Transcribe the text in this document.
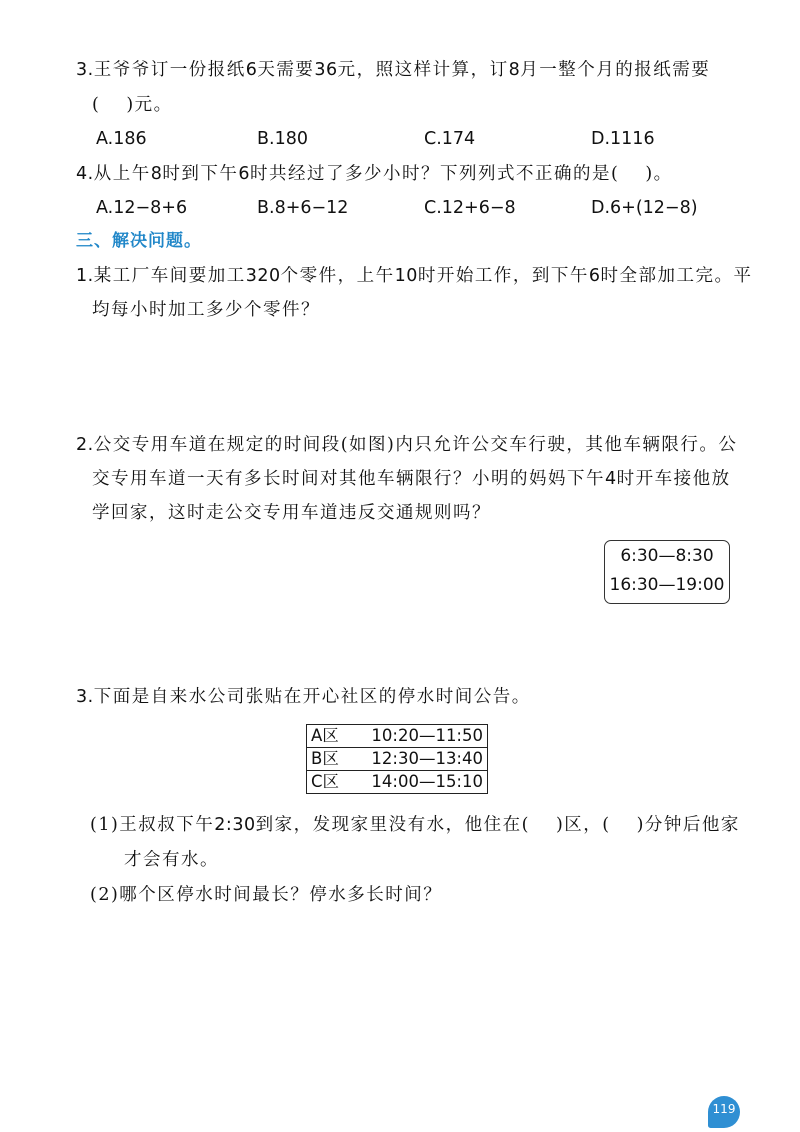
3.王爷爷订一份报纸6天需要36元，照这样计算，订8月一整个月的报纸需要
( )元。
A.186	B.180	C.174	D.1116
4.从上午8时到下午6时共经过了多少小时？下列列式不正确的是( )。
A.12−8+6	B.8+6−12	C.12+6−8	D.6+(12−8)
三、解决问题。
1.某工厂车间要加工320个零件，上午10时开始工作，到下午6时全部加工完。平
均每小时加工多少个零件？
2.公交专用车道在规定的时间段(如图)内只允许公交车行驶，其他车辆限行。公
交专用车道一天有多长时间对其他车辆限行？小明的妈妈下午4时开车接他放
学回家，这时走公交专用车道违反交通规则吗？
6:30—8:30
16:30—19:00
3.下面是自来水公司张贴在开心社区的停水时间公告。
A区	10:20—11:50
B区	12:30—13:40
C区	14:00—15:10
(1)王叔叔下午2:30到家，发现家里没有水，他住在( )区，( )分钟后他家
才会有水。
(2)哪个区停水时间最长？停水多长时间？
119
